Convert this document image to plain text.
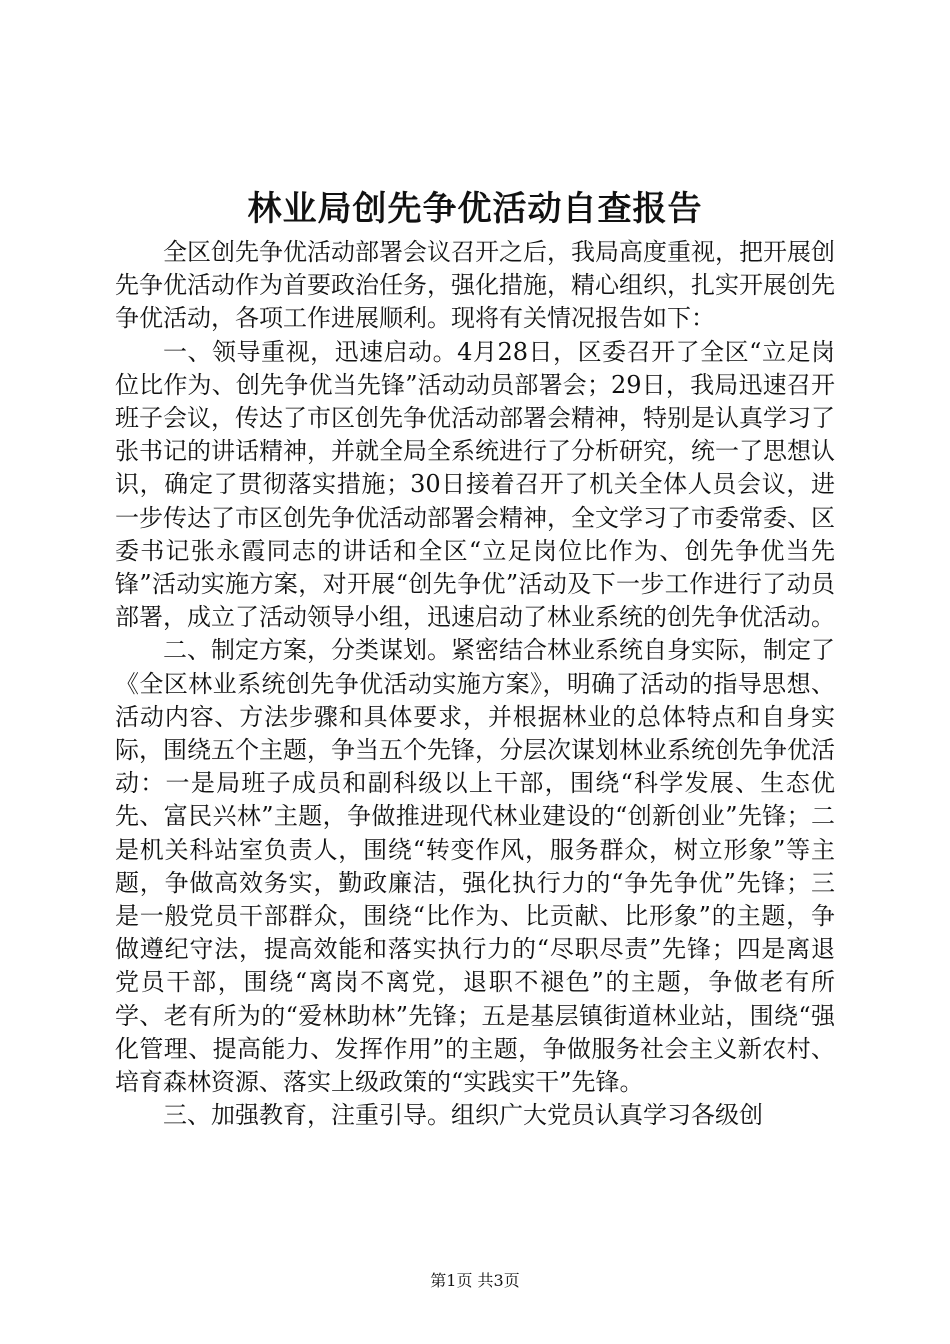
林业局创先争优活动自查报告

全区创先争优活动部署会议召开之后，我局高度重视，把开展创先争优活动作为首要政治任务，强化措施，精心组织，扎实开展创先争优活动，各项工作进展顺利。现将有关情况报告如下：

一、领导重视，迅速启动。4月28日，区委召开了全区“立足岗位比作为、创先争优当先锋”活动动员部署会；29日，我局迅速召开班子会议，传达了市区创先争优活动部署会精神，特别是认真学习了张书记的讲话精神，并就全局全系统进行了分析研究，统一了思想认识，确定了贯彻落实措施；30日接着召开了机关全体人员会议，进一步传达了市区创先争优活动部署会精神，全文学习了市委常委、区委书记张永霞同志的讲话和全区“立足岗位比作为、创先争优当先锋”活动实施方案，对开展“创先争优”活动及下一步工作进行了动员部署，成立了活动领导小组，迅速启动了林业系统的创先争优活动。

二、制定方案，分类谋划。紧密结合林业系统自身实际，制定了《全区林业系统创先争优活动实施方案》，明确了活动的指导思想、活动内容、方法步骤和具体要求，并根据林业的总体特点和自身实际，围绕五个主题，争当五个先锋，分层次谋划林业系统创先争优活动：一是局班子成员和副科级以上干部，围绕“科学发展、生态优先、富民兴林”主题，争做推进现代林业建设的“创新创业”先锋；二是机关科站室负责人，围绕“转变作风，服务群众，树立形象”等主题，争做高效务实，勤政廉洁，强化执行力的“争先争优”先锋；三是一般党员干部群众，围绕“比作为、比贡献、比形象”的主题，争做遵纪守法，提高效能和落实执行力的“尽职尽责”先锋；四是离退党员干部，围绕“离岗不离党，退职不褪色”的主题，争做老有所学、老有所为的“爱林助林”先锋；五是基层镇街道林业站，围绕“强化管理、提高能力、发挥作用”的主题，争做服务社会主义新农村、培育森林资源、落实上级政策的“实践实干”先锋。

三、加强教育，注重引导。组织广大党员认真学习各级创

第1页 共3页
